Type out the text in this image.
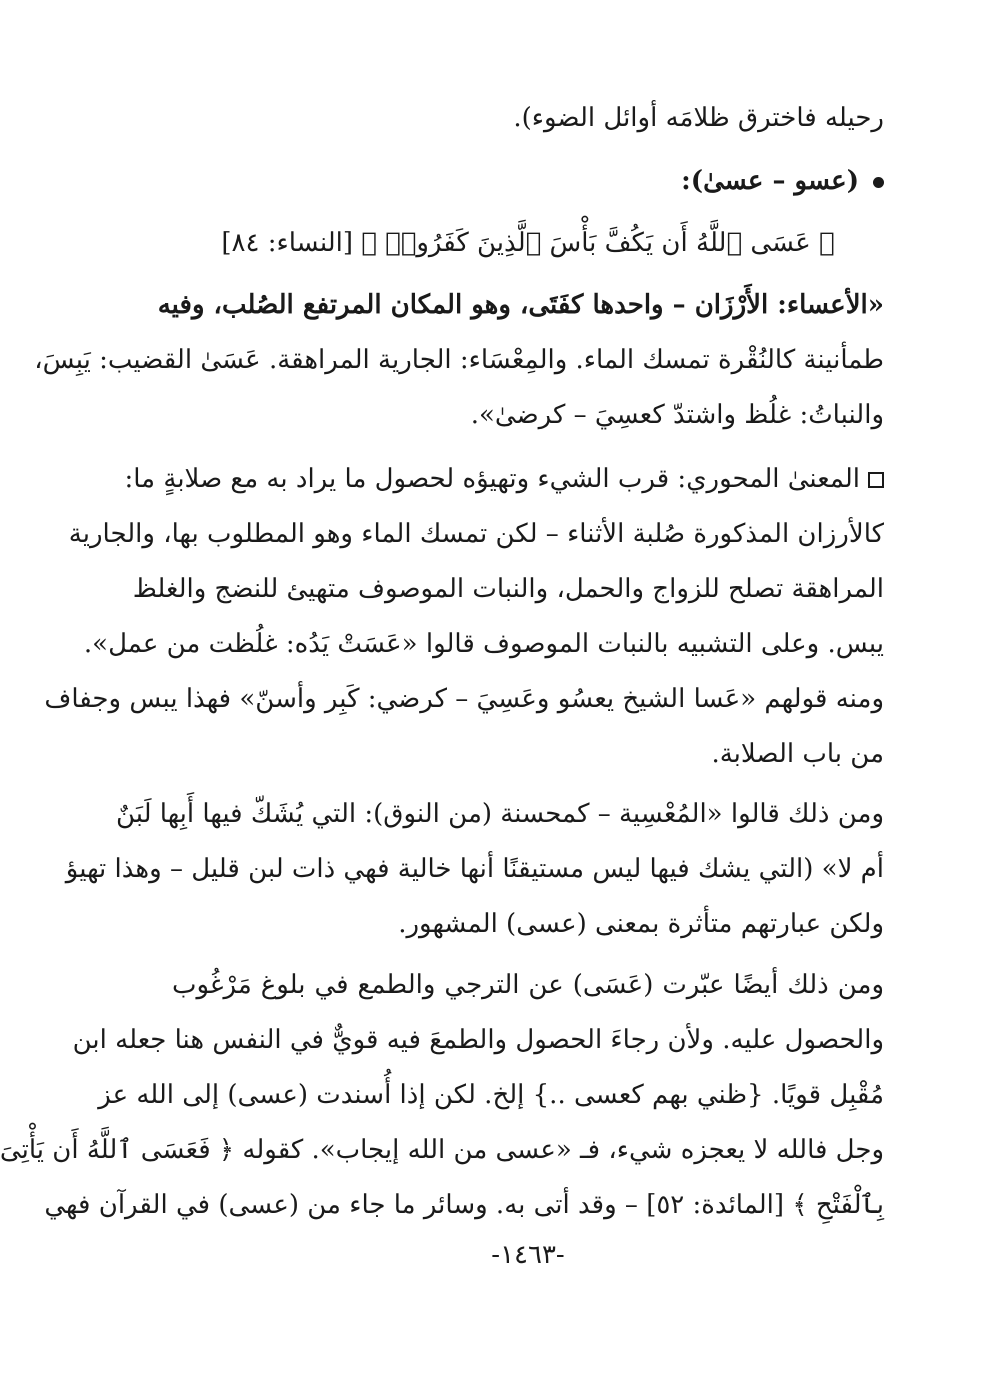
رحيله فاخترق ظلامَه أوائل الضوء).
(عسو – عسىٰ):
﴿ عَسَى ٱللَّهُ أَن يَكُفَّ بَأْسَ ٱلَّذِينَ كَفَرُوا۟ ﴾ [النساء: ٨٤]
«الأعساء: الأَرْزَان – واحدها كفَتَى، وهو المكان المرتفع الصُلب، وفيه
طمأنينة كالنُقْرة تمسك الماء. والمِعْسَاء: الجارية المراهقة. عَسَىٰ القضيب: يَبِسَ،
والنباتُ: غلُظ واشتدّ كعسِيَ – كرضىٰ».
المعنىٰ المحوري: قرب الشيء وتهيؤه لحصول ما يراد به مع صلابةٍ ما:
كالأرزان المذكورة صُلبة الأثناء – لكن تمسك الماء وهو المطلوب بها، والجارية
المراهقة تصلح للزواج والحمل، والنبات الموصوف متهيئ للنضج والغلظ
يبس. وعلى التشبيه بالنبات الموصوف قالوا «عَسَتْ يَدُه: غلُظت من عمل».
ومنه قولهم «عَسا الشيخ يعسُو وعَسِيَ – كرضي: كَبِر وأسنّ» فهذا يبس وجفاف
من باب الصلابة.
ومن ذلك قالوا «المُعْسِية – كمحسنة (من النوق): التي يُشَكّ فيها أَبِها لَبَنٌ
أم لا» (التي يشك فيها ليس مستيقنًا أنها خالية فهي ذات لبن قليل – وهذا تهيؤ
ولكن عبارتهم متأثرة بمعنى (عسى) المشهور.
ومن ذلك أيضًا عبّرت (عَسَى) عن الترجي والطمع في بلوغ مَرْغُوب
والحصول عليه. ولأن رجاءَ الحصول والطمعَ فيه قويٌّ في النفس هنا جعله ابن
مُقْبِل قويًا. {ظني بهم كعسى ..} إلخ. لكن إذا أُسندت (عسى) إلى الله عز
وجل فالله لا يعجزه شيء، فـ «عسى من الله إيجاب». كقوله ﴿ فَعَسَى ٱللَّهُ أَن يَأْتِىَ
بِٱلْفَتْحِ ﴾ [المائدة: ٥٢] – وقد أتى به. وسائر ما جاء من (عسى) في القرآن فهي
-١٤٦٣-
